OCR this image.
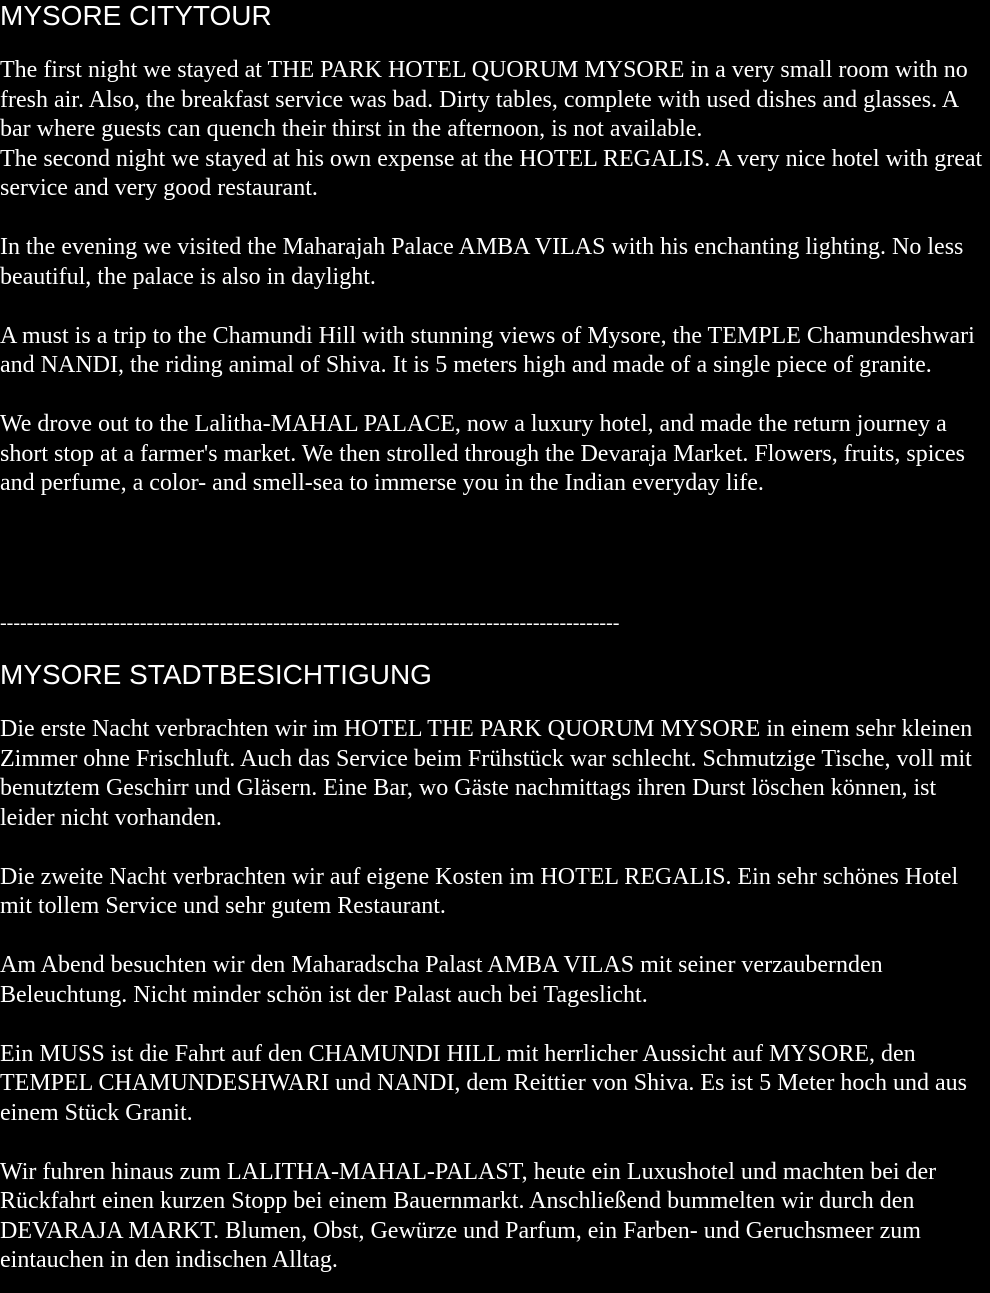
MYSORE CITYTOUR

The first night we stayed at THE PARK HOTEL QUORUM MYSORE in a very small room with no fresh air. Also, the breakfast service was bad. Dirty tables, complete with used dishes and glasses. A bar where guests can quench their thirst in the afternoon, is not available.
The second night we stayed at his own expense at the HOTEL REGALIS. A very nice hotel with great service and very good restaurant.

In the evening we visited the Maharajah Palace AMBA VILAS with his enchanting lighting. No less beautiful, the palace is also in daylight.

A must is a trip to the Chamundi Hill with stunning views of Mysore, the TEMPLE Chamundeshwari and NANDI, the riding animal of Shiva. It is 5 meters high and made of a single piece of granite.

We drove out to the Lalitha-MAHAL PALACE, now a luxury hotel, and made the return journey a short stop at a farmer's market. We then strolled through the Devaraja Market. Flowers, fruits, spices and perfume, a color- and smell-sea to immerse you in the Indian everyday life.

---------------------------------------------------------------------------------------------
MYSORE STADTBESICHTIGUNG

Die erste Nacht verbrachten wir im HOTEL THE PARK QUORUM MYSORE in einem sehr kleinen Zimmer ohne Frischluft. Auch das Service beim Frühstück war schlecht. Schmutzige Tische, voll mit benutztem Geschirr und Gläsern. Eine Bar, wo Gäste nachmittags ihren Durst löschen können, ist leider nicht vorhanden.

Die zweite Nacht verbrachten wir auf eigene Kosten im HOTEL REGALIS. Ein sehr schönes Hotel mit tollem Service und sehr gutem Restaurant.

Am Abend besuchten wir den Maharadscha Palast AMBA VILAS mit seiner verzaubernden Beleuchtung. Nicht minder schön ist der Palast auch bei Tageslicht.

Ein MUSS ist die Fahrt auf den CHAMUNDI HILL mit herrlicher Aussicht auf MYSORE, den TEMPEL CHAMUNDESHWARI und NANDI, dem Reittier von Shiva. Es ist 5 Meter hoch und aus einem Stück Granit.

Wir fuhren hinaus zum LALITHA-MAHAL-PALAST, heute ein Luxushotel und machten bei der Rückfahrt einen kurzen Stopp bei einem Bauernmarkt. Anschließend bummelten wir durch den DEVARAJA MARKT. Blumen, Obst, Gewürze und Parfum, ein Farben- und Geruchsmeer zum eintauchen in den indischen Alltag.
